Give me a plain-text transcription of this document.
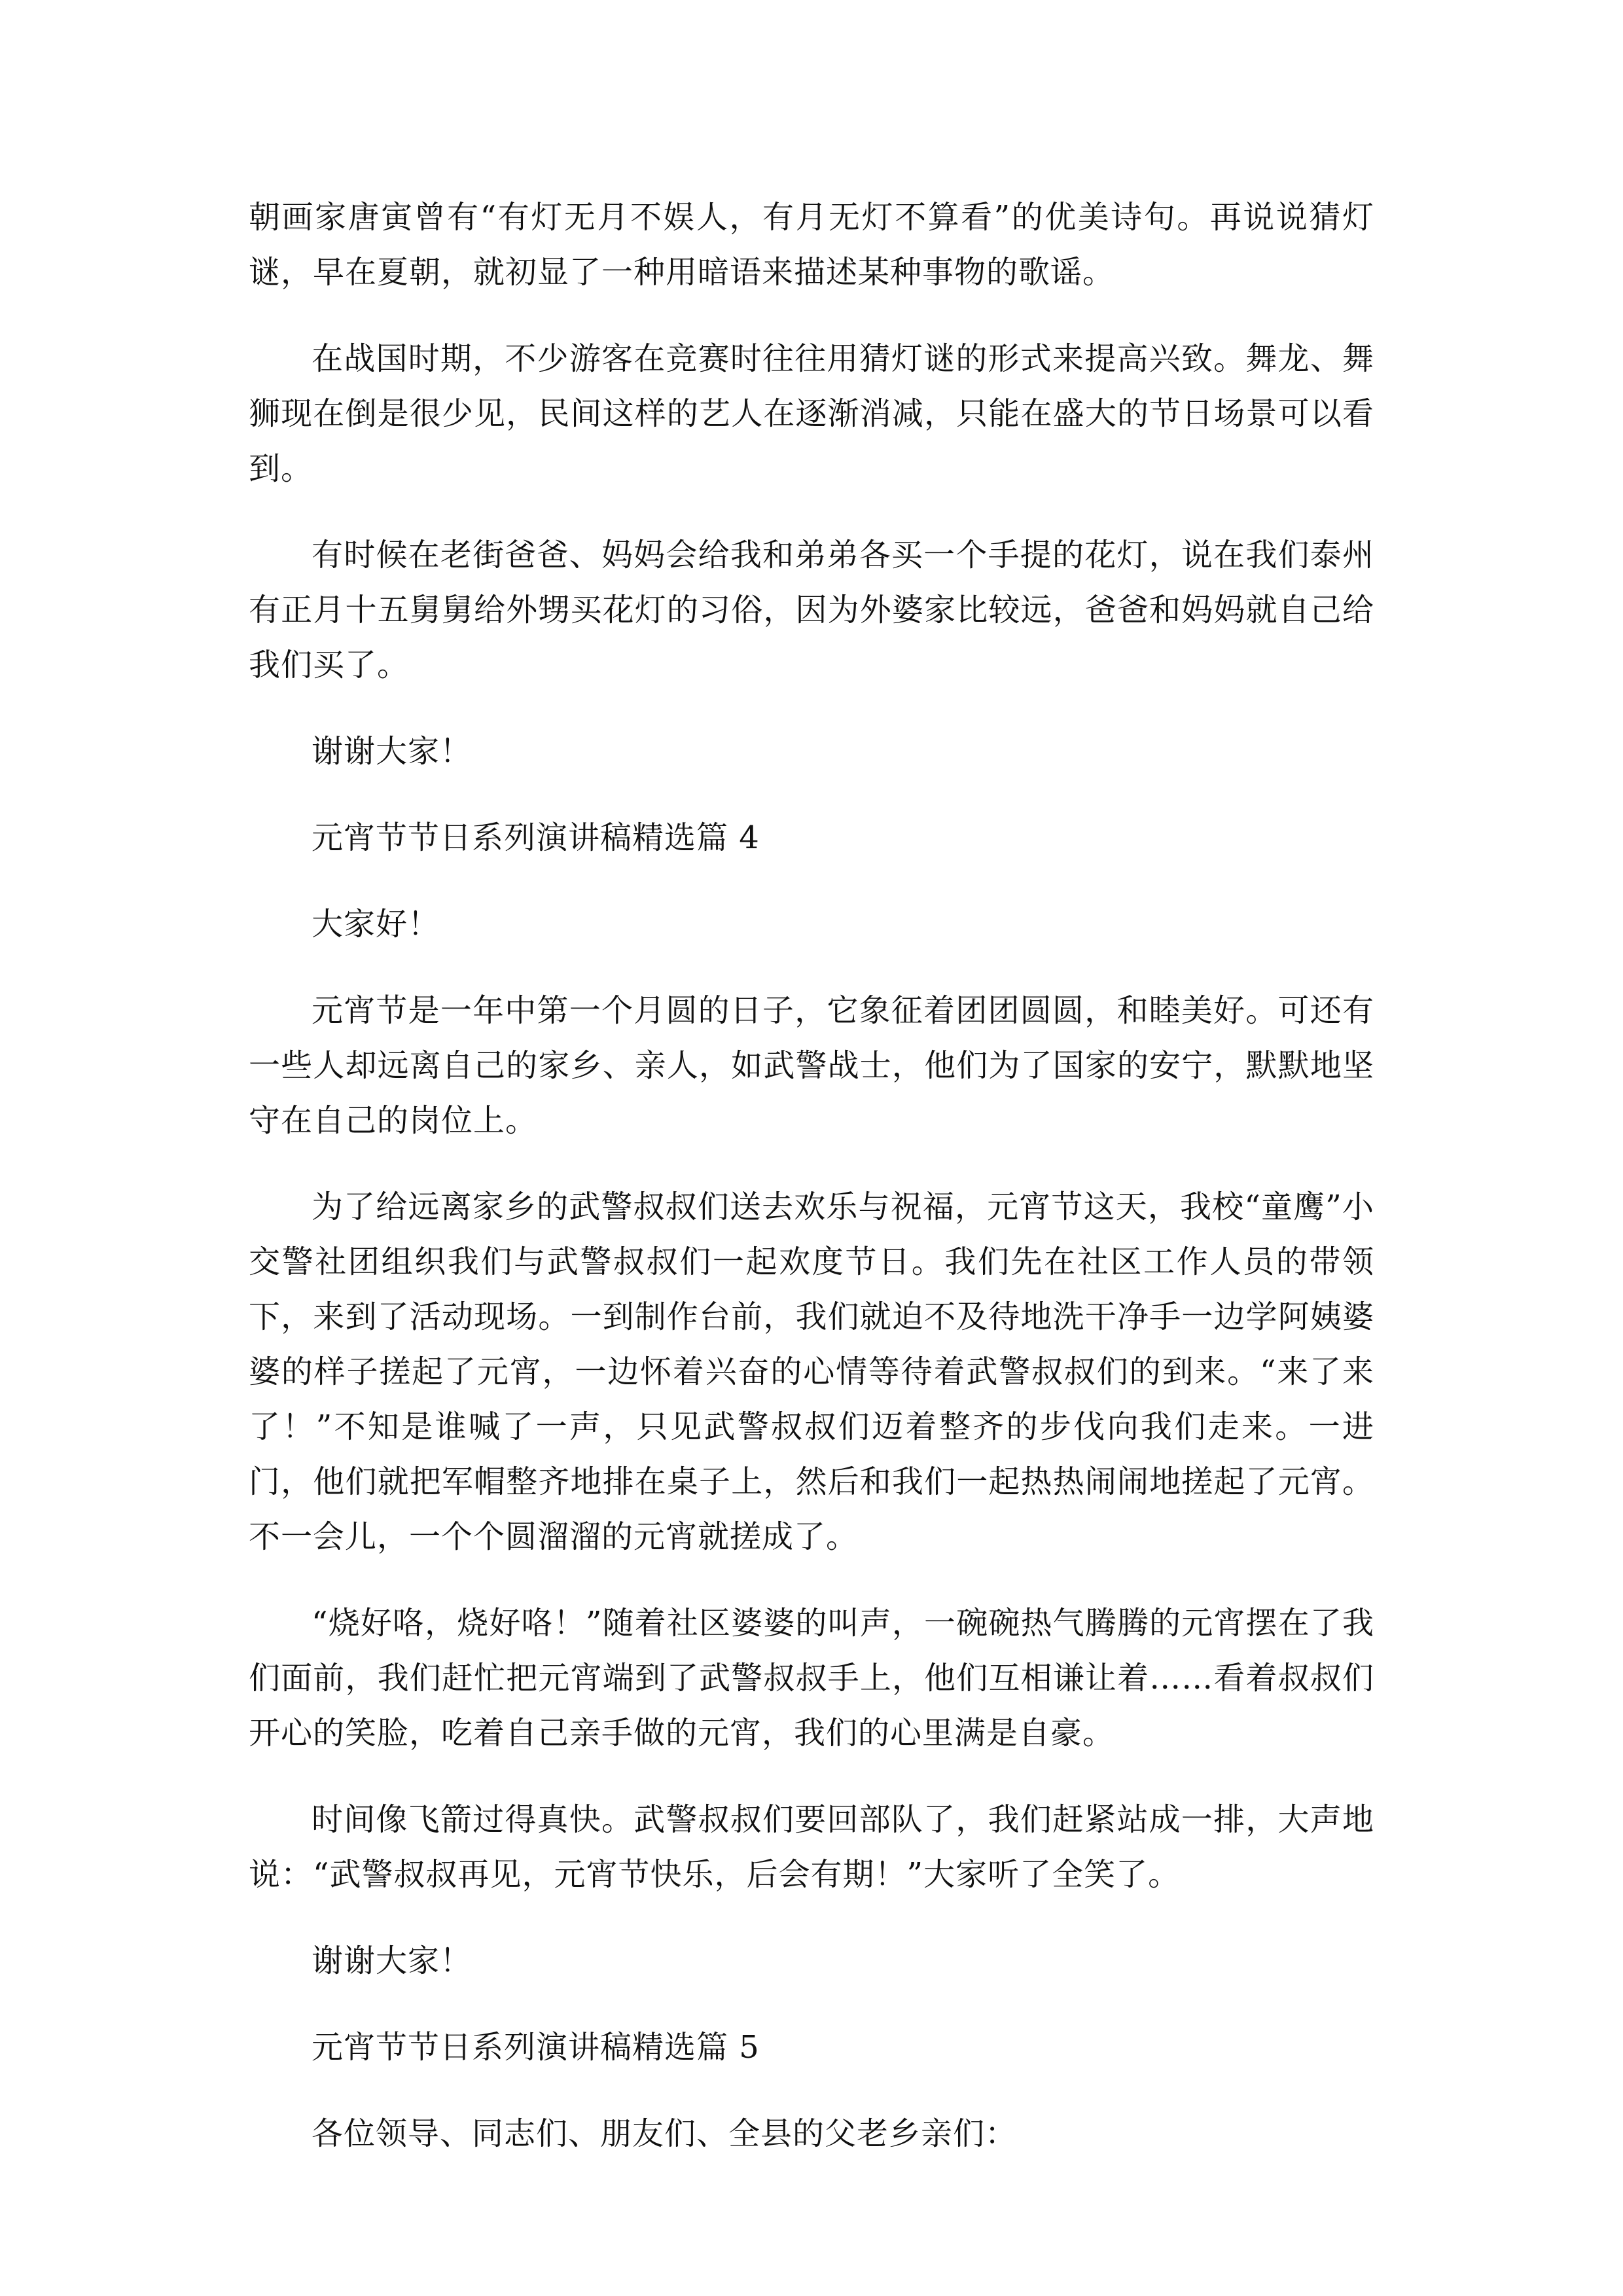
朝画家唐寅曾有“有灯无月不娱人，有月无灯不算看”的优美诗句。再说说猜灯谜，早在夏朝，就初显了一种用暗语来描述某种事物的歌谣。

在战国时期，不少游客在竞赛时往往用猜灯谜的形式来提高兴致。舞龙、舞狮现在倒是很少见，民间这样的艺人在逐渐消减，只能在盛大的节日场景可以看到。

有时候在老街爸爸、妈妈会给我和弟弟各买一个手提的花灯，说在我们泰州有正月十五舅舅给外甥买花灯的习俗，因为外婆家比较远，爸爸和妈妈就自己给我们买了。

谢谢大家！

元宵节节日系列演讲稿精选篇 4

大家好！

元宵节是一年中第一个月圆的日子，它象征着团团圆圆，和睦美好。可还有一些人却远离自己的家乡、亲人，如武警战士，他们为了国家的安宁，默默地坚守在自己的岗位上。

为了给远离家乡的武警叔叔们送去欢乐与祝福，元宵节这天，我校“童鹰”小交警社团组织我们与武警叔叔们一起欢度节日。我们先在社区工作人员的带领下，来到了活动现场。一到制作台前，我们就迫不及待地洗干净手一边学阿姨婆婆的样子搓起了元宵，一边怀着兴奋的心情等待着武警叔叔们的到来。“来了来了！”不知是谁喊了一声，只见武警叔叔们迈着整齐的步伐向我们走来。一进门，他们就把军帽整齐地排在桌子上，然后和我们一起热热闹闹地搓起了元宵。不一会儿，一个个圆溜溜的元宵就搓成了。

“烧好咯，烧好咯！”随着社区婆婆的叫声，一碗碗热气腾腾的元宵摆在了我们面前，我们赶忙把元宵端到了武警叔叔手上，他们互相谦让着……看着叔叔们开心的笑脸，吃着自己亲手做的元宵，我们的心里满是自豪。

时间像飞箭过得真快。武警叔叔们要回部队了，我们赶紧站成一排，大声地说：“武警叔叔再见，元宵节快乐，后会有期！”大家听了全笑了。

谢谢大家！

元宵节节日系列演讲稿精选篇 5

各位领导、同志们、朋友们、全县的父老乡亲们：
